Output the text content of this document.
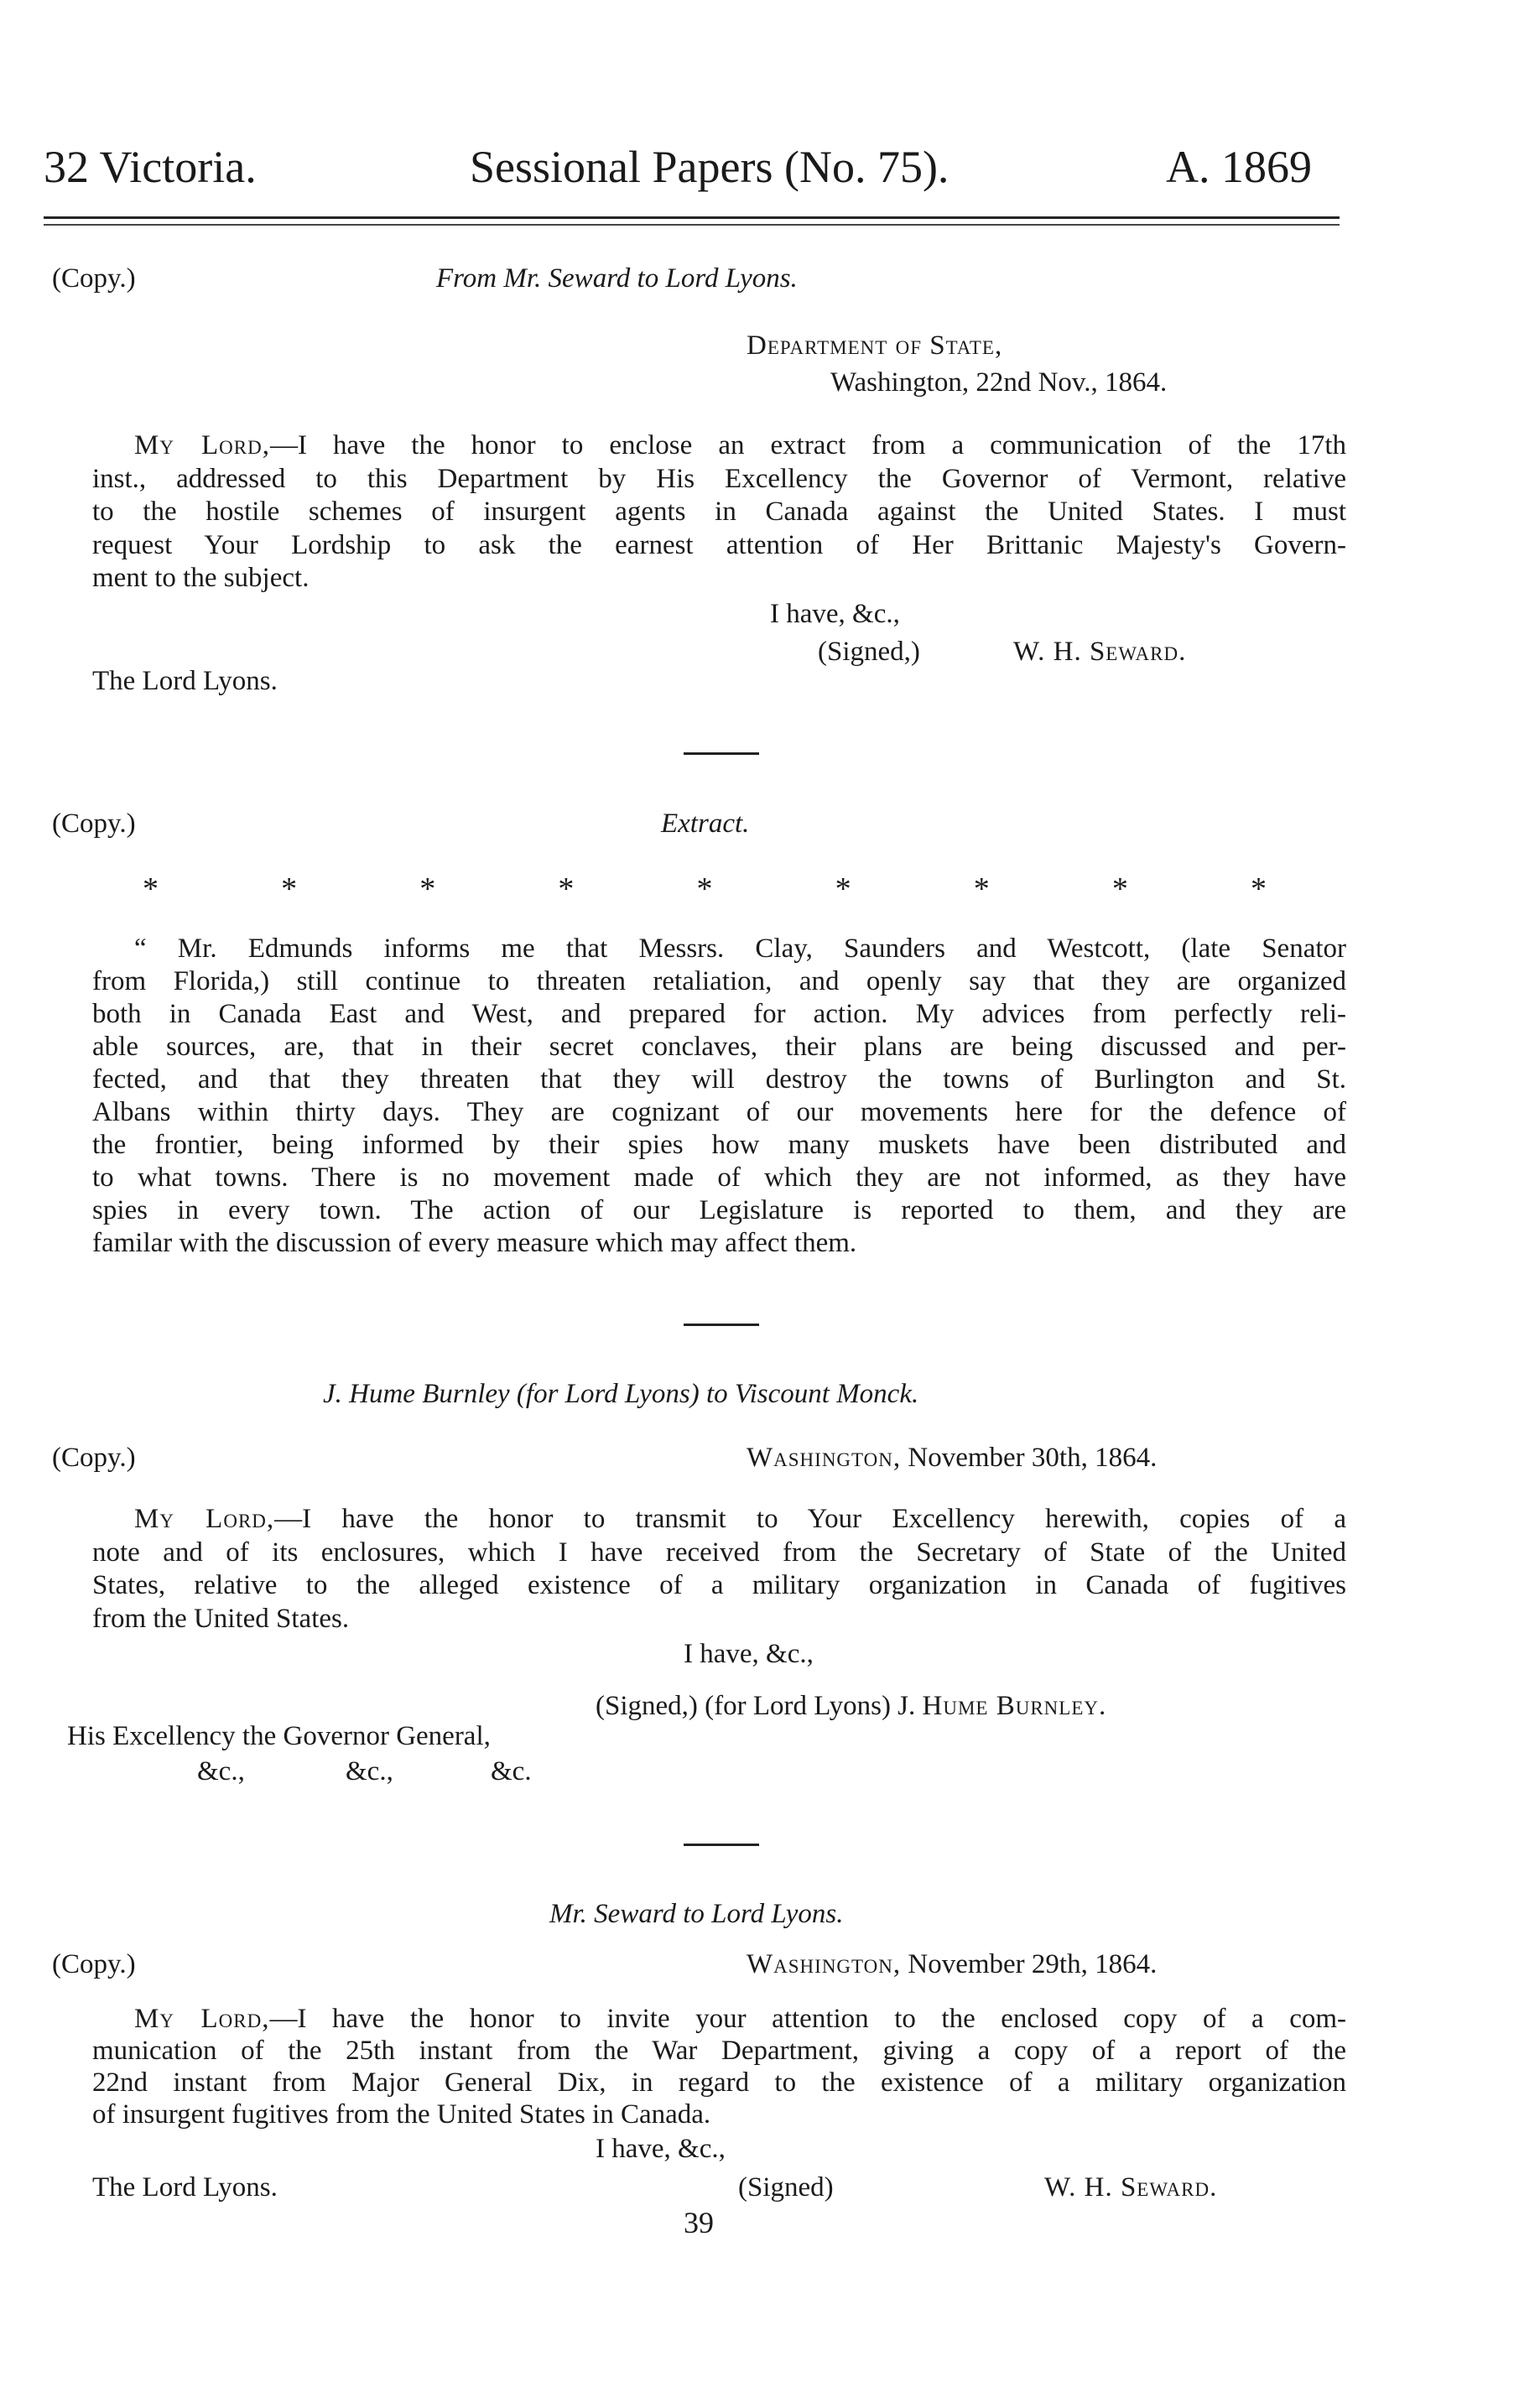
32 Victoria.	Sessional Papers (No. 75).	A. 1869
(Copy.)	From Mr. Seward to Lord Lyons.
Department of State,
Washington, 22nd Nov., 1864.
My Lord,—I have the honor to enclose an extract from a communication of the 17th
inst., addressed to this Department by His Excellency the Governor of Vermont, relative
to the hostile schemes of insurgent agents in Canada against the United States. I must
request Your Lordship to ask the earnest attention of Her Brittanic Majesty's Govern-
ment to the subject.
I have, &c.,
(Signed,)	W. H. Seward.
The Lord Lyons.
(Copy.)	Extract.
*	*	*	*	*	*	*	*	*
“ Mr. Edmunds informs me that Messrs. Clay, Saunders and Westcott, (late Senator
from Florida,) still continue to threaten retaliation, and openly say that they are organized
both in Canada East and West, and prepared for action. My advices from perfectly reli-
able sources, are, that in their secret conclaves, their plans are being discussed and per-
fected, and that they threaten that they will destroy the towns of Burlington and St.
Albans within thirty days. They are cognizant of our movements here for the defence of
the frontier, being informed by their spies how many muskets have been distributed and
to what towns. There is no movement made of which they are not informed, as they have
spies in every town. The action of our Legislature is reported to them, and they are
familar with the discussion of every measure which may affect them.
J. Hume Burnley (for Lord Lyons) to Viscount Monck.
(Copy.)	Washington, November 30th, 1864.
My Lord,—I have the honor to transmit to Your Excellency herewith, copies of a
note and of its enclosures, which I have received from the Secretary of State of the United
States, relative to the alleged existence of a military organization in Canada of fugitives
from the United States.
I have, &c.,
(Signed,) (for Lord Lyons) J. Hume Burnley.
His Excellency the Governor General,
&c.,	&c.,	&c.
Mr. Seward to Lord Lyons.
(Copy.)	Washington, November 29th, 1864.
My Lord,—I have the honor to invite your attention to the enclosed copy of a com-
munication of the 25th instant from the War Department, giving a copy of a report of the
22nd instant from Major General Dix, in regard to the existence of a military organization
of insurgent fugitives from the United States in Canada.
I have, &c.,
The Lord Lyons.	(Signed)	W. H. Seward.
39
